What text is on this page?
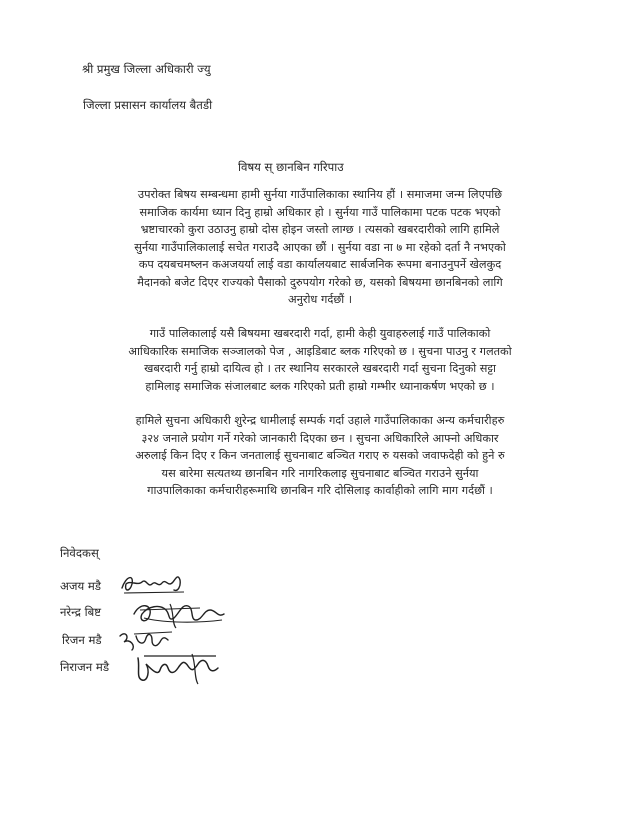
श्री प्रमुख जिल्ला अधिकारी ज्यु
जिल्ला प्रसासन कार्यालय बैतडी
विषय स् छानबिन गरिपाउ
उपरोक्त बिषय सम्बन्धमा हामी सुर्नया गाउँपालिकाका स्थानिय हौं । समाजमा जन्म लिएपछि
समाजिक कार्यमा ध्यान दिनु हाम्रो अधिकार हो । सुर्नया गाउँ पालिकामा पटक पटक भएको
भ्रष्टाचारको कुरा उठाउनु हाम्रो दोस होइन जस्तो लाग्छ । त्यसको खबरदारीको लागि हामिले
सुर्नया गाउँपालिकालाई सचेत गराउदै आएका छौं । सुर्नया वडा ना ७ मा रहेको दर्ता नै नभएको
कप दयबचमष्लन कअजयर्या लाई वडा कार्यालयबाट सार्बजनिक रूपमा बनाउनुपर्ने खेलकुद
मैदानको बजेट दिएर राज्यको पैसाको दुरुपयोग गरेको छ, यसको बिषयमा छानबिनको लागि
अनुरोध गर्दछौं ।
गाउँ पालिकालाई यसै बिषयमा खबरदारी गर्दा, हामी केही युवाहरुलाई गाउँ पालिकाको
आधिकारिक समाजिक सञ्जालको पेज , आइडिबाट ब्लक गरिएको छ । सुचना पाउनु र गलतको
खबरदारी गर्नु हाम्रो दायित्व हो । तर स्थानिय सरकारले खबरदारी गर्दा सुचना दिनुको सट्टा
हामिलाइ समाजिक संजालबाट ब्लक गरिएको प्रती हाम्रो गम्भीर ध्यानाकर्षण भएको छ ।
हामिले सुचना अधिकारी शुरेन्द्र धामीलाई सम्पर्क गर्दा उहाले गाउँपालिकाका अन्य कर्मचारीहरु
३२४ जनाले प्रयोग गर्ने गरेको जानकारी दिएका छन । सुचना अधिकारिले आफ्नो अधिकार
अरुलाई किन दिए र किन जनतालाई सुचनाबाट बञ्चित गराए रु यसको जवाफदेही को हुने रु
यस बारेमा सत्यतथ्य छानबिन गरि नागरिकलाइ सुचनाबाट बञ्चित गराउने सुर्नया
गाउपालिकाका कर्मचारीहरूमाथि छानबिन गरि दोसिलाइ कार्वाहीको लागि माग गर्दछौं ।
निवेदकस्
अजय मडै
नरेन्द्र बिष्ट
रिजन मडै
निराजन मडै
